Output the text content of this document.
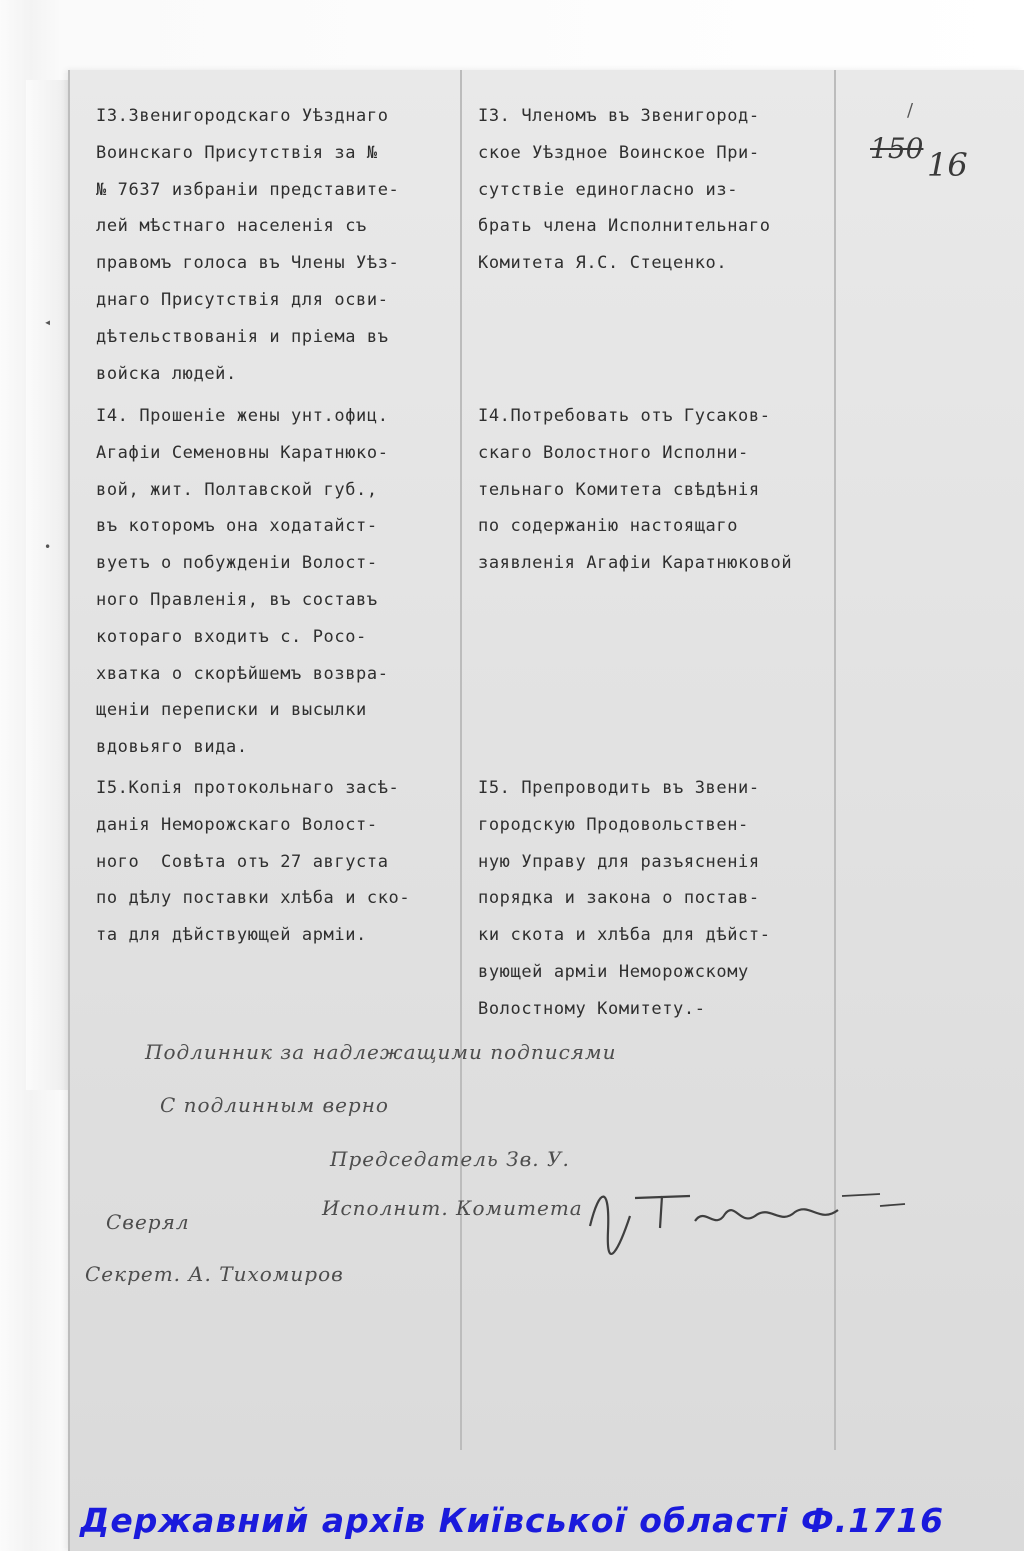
◂
•
I3.Звенигородскаго Уѣзднаго
Воинскаго Присутствія за №
№ 7637 избраніи представите-
лей мѣстнаго населенія съ
правомъ голоса въ Члены Уѣз-
днаго Присутствія для осви-
дѣтельствованія и пріема въ
войска людей.
I4. Прошеніе жены унт.офиц.
Агафіи Семеновны Каратнюко-
вой, жит. Полтавской губ.,
въ которомъ она ходатайст-
вуетъ о побужденіи Волост-
ного Правленія, въ составъ
котораго входитъ с. Росо-
хватка о скорѣйшемъ возвра-
щеніи переписки и высылки
вдовьяго вида.
I5.Копія протокольнаго засѣ-
данія Неморожскаго Волост-
ного  Совѣта отъ 27 августа
по дѣлу поставки хлѣба и ско-
та для дѣйствующей арміи.
I3. Членомъ въ Звенигород-
ское Уѣздное Воинское При-
сутствіе единогласно из-
брать члена Исполнительнаго
Комитета Я.С. Стеценко.
I4.Потребовать отъ Гусаков-
скаго Волостного Исполни-
тельнаго Комитета свѣдѣнія
по содержанію настоящаго
заявленія Агафіи Каратнюковой
I5. Препроводить въ Звени-
городскую Продовольствен-
ную Управу для разъясненія
порядка и закона о постав-
ки скота и хлѣба для дѣйст-
вующей арміи Неморожскому
Волостному Комитету.-
/
150 16
Подлинник за надлежащими подписями
С подлинным верно
Председатель Зв. У.
Исполнит. Комитета
Сверял
Секрет. А. Тихомиров

Державний архів Київської області Ф.1716
